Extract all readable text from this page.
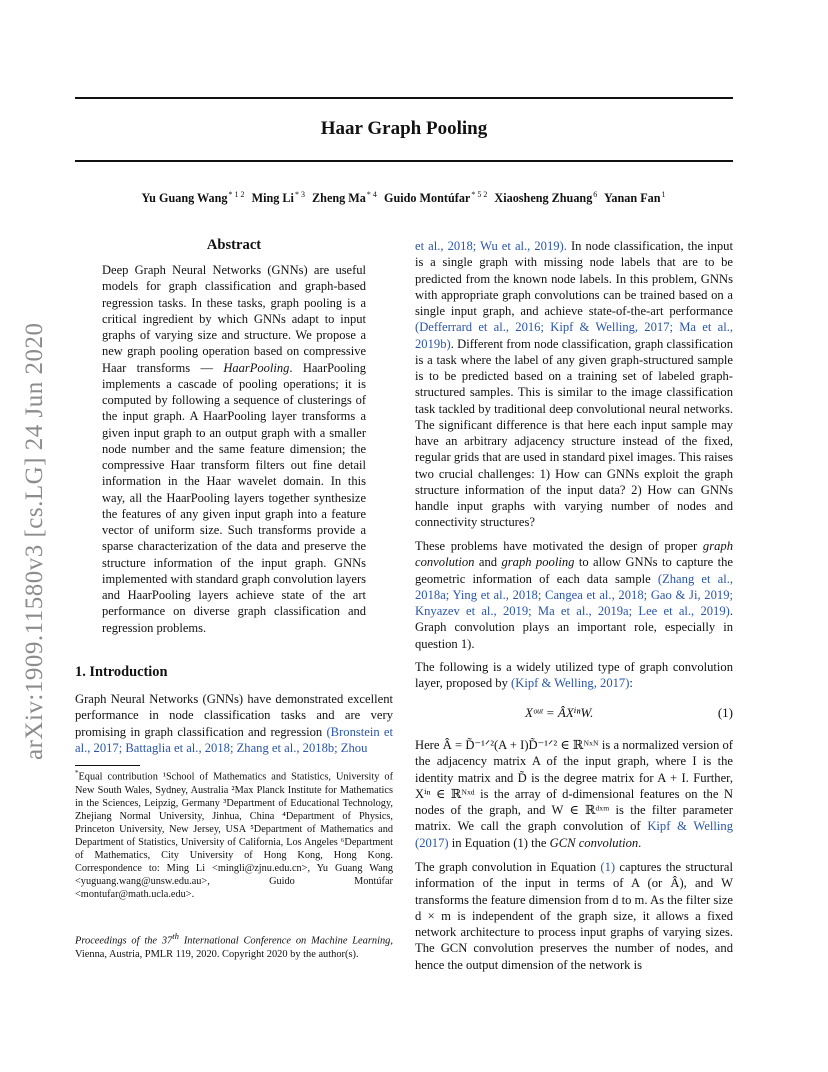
Haar Graph Pooling
Yu Guang Wang$^{* 1 2}$ Ming Li$^{* 3}$ Zheng Ma$^{* 4}$ Guido Montúfar$^{* 5 2}$ Xiaosheng Zhuang$^6$ Yanan Fan$^1$
arXiv:1909.11580v3 [cs.LG] 24 Jun 2020
Abstract

Deep Graph Neural Networks (GNNs) are useful models for graph classification and graph-based regression tasks. In these tasks, graph pooling is a critical ingredient by which GNNs adapt to input graphs of varying size and structure. We propose a new graph pooling operation based on compressive Haar transforms — HaarPooling. HaarPooling implements a cascade of pooling operations; it is computed by following a sequence of clusterings of the input graph. A HaarPooling layer transforms a given input graph to an output graph with a smaller node number and the same feature dimension; the compressive Haar transform filters out fine detail information in the Haar wavelet domain. In this way, all the HaarPooling layers together synthesize the features of any given input graph into a feature vector of uniform size. Such transforms provide a sparse characterization of the data and preserve the structure information of the input graph. GNNs implemented with standard graph convolution layers and HaarPooling layers achieve state of the art performance on diverse graph classification and regression problems.

1. Introduction

Graph Neural Networks (GNNs) have demonstrated excellent performance in node classification tasks and are very promising in graph classification and regression (Bronstein et al., 2017; Battaglia et al., 2018; Zhang et al., 2018b; Zhou

*Equal contribution ¹School of Mathematics and Statistics, University of New South Wales, Sydney, Australia ²Max Planck Institute for Mathematics in the Sciences, Leipzig, Germany ³Department of Educational Technology, Zhejiang Normal University, Jinhua, China ⁴Department of Physics, Princeton University, New Jersey, USA ⁵Department of Mathematics and Department of Statistics, University of California, Los Angeles ⁶Department of Mathematics, City University of Hong Kong, Hong Kong. Correspondence to: Ming Li <mingli@zjnu.edu.cn>, Yu Guang Wang <yuguang.wang@unsw.edu.au>, Guido Montúfar <montufar@math.ucla.edu>.

Proceedings of the 37th International Conference on Machine Learning, Vienna, Austria, PMLR 119, 2020. Copyright 2020 by the author(s).

et al., 2018; Wu et al., 2019). In node classification, the input is a single graph with missing node labels that are to be predicted from the known node labels. In this problem, GNNs with appropriate graph convolutions can be trained based on a single input graph, and achieve state-of-the-art performance (Defferrard et al., 2016; Kipf & Welling, 2017; Ma et al., 2019b). Different from node classification, graph classification is a task where the label of any given graph-structured sample is to be predicted based on a training set of labeled graph-structured samples. This is similar to the image classification task tackled by traditional deep convolutional neural networks. The significant difference is that here each input sample may have an arbitrary adjacency structure instead of the fixed, regular grids that are used in standard pixel images. This raises two crucial challenges: 1) How can GNNs exploit the graph structure information of the input data? 2) How can GNNs handle input graphs with varying number of nodes and connectivity structures?

These problems have motivated the design of proper graph convolution and graph pooling to allow GNNs to capture the geometric information of each data sample (Zhang et al., 2018a; Ying et al., 2018; Cangea et al., 2018; Gao & Ji, 2019; Knyazev et al., 2019; Ma et al., 2019a; Lee et al., 2019). Graph convolution plays an important role, especially in question 1).

The following is a widely utilized type of graph convolution layer, proposed by (Kipf & Welling, 2017):

Xᵒᵘᵗ = ÂXⁱⁿW.	(1)

Here Â = D̃⁻¹ᐟ²(A + I)D̃⁻¹ᐟ² ∈ ℝᴺˣᴺ is a normalized version of the adjacency matrix A of the input graph, where I is the identity matrix and D̃ is the degree matrix for A + I. Further, Xⁱⁿ ∈ ℝᴺˣᵈ is the array of d-dimensional features on the N nodes of the graph, and W ∈ ℝᵈˣᵐ is the filter parameter matrix. We call the graph convolution of Kipf & Welling (2017) in Equation (1) the GCN convolution.

The graph convolution in Equation (1) captures the structural information of the input in terms of A (or Â), and W transforms the feature dimension from d to m. As the filter size d × m is independent of the graph size, it allows a fixed network architecture to process input graphs of varying sizes. The GCN convolution preserves the number of nodes, and hence the output dimension of the network is
